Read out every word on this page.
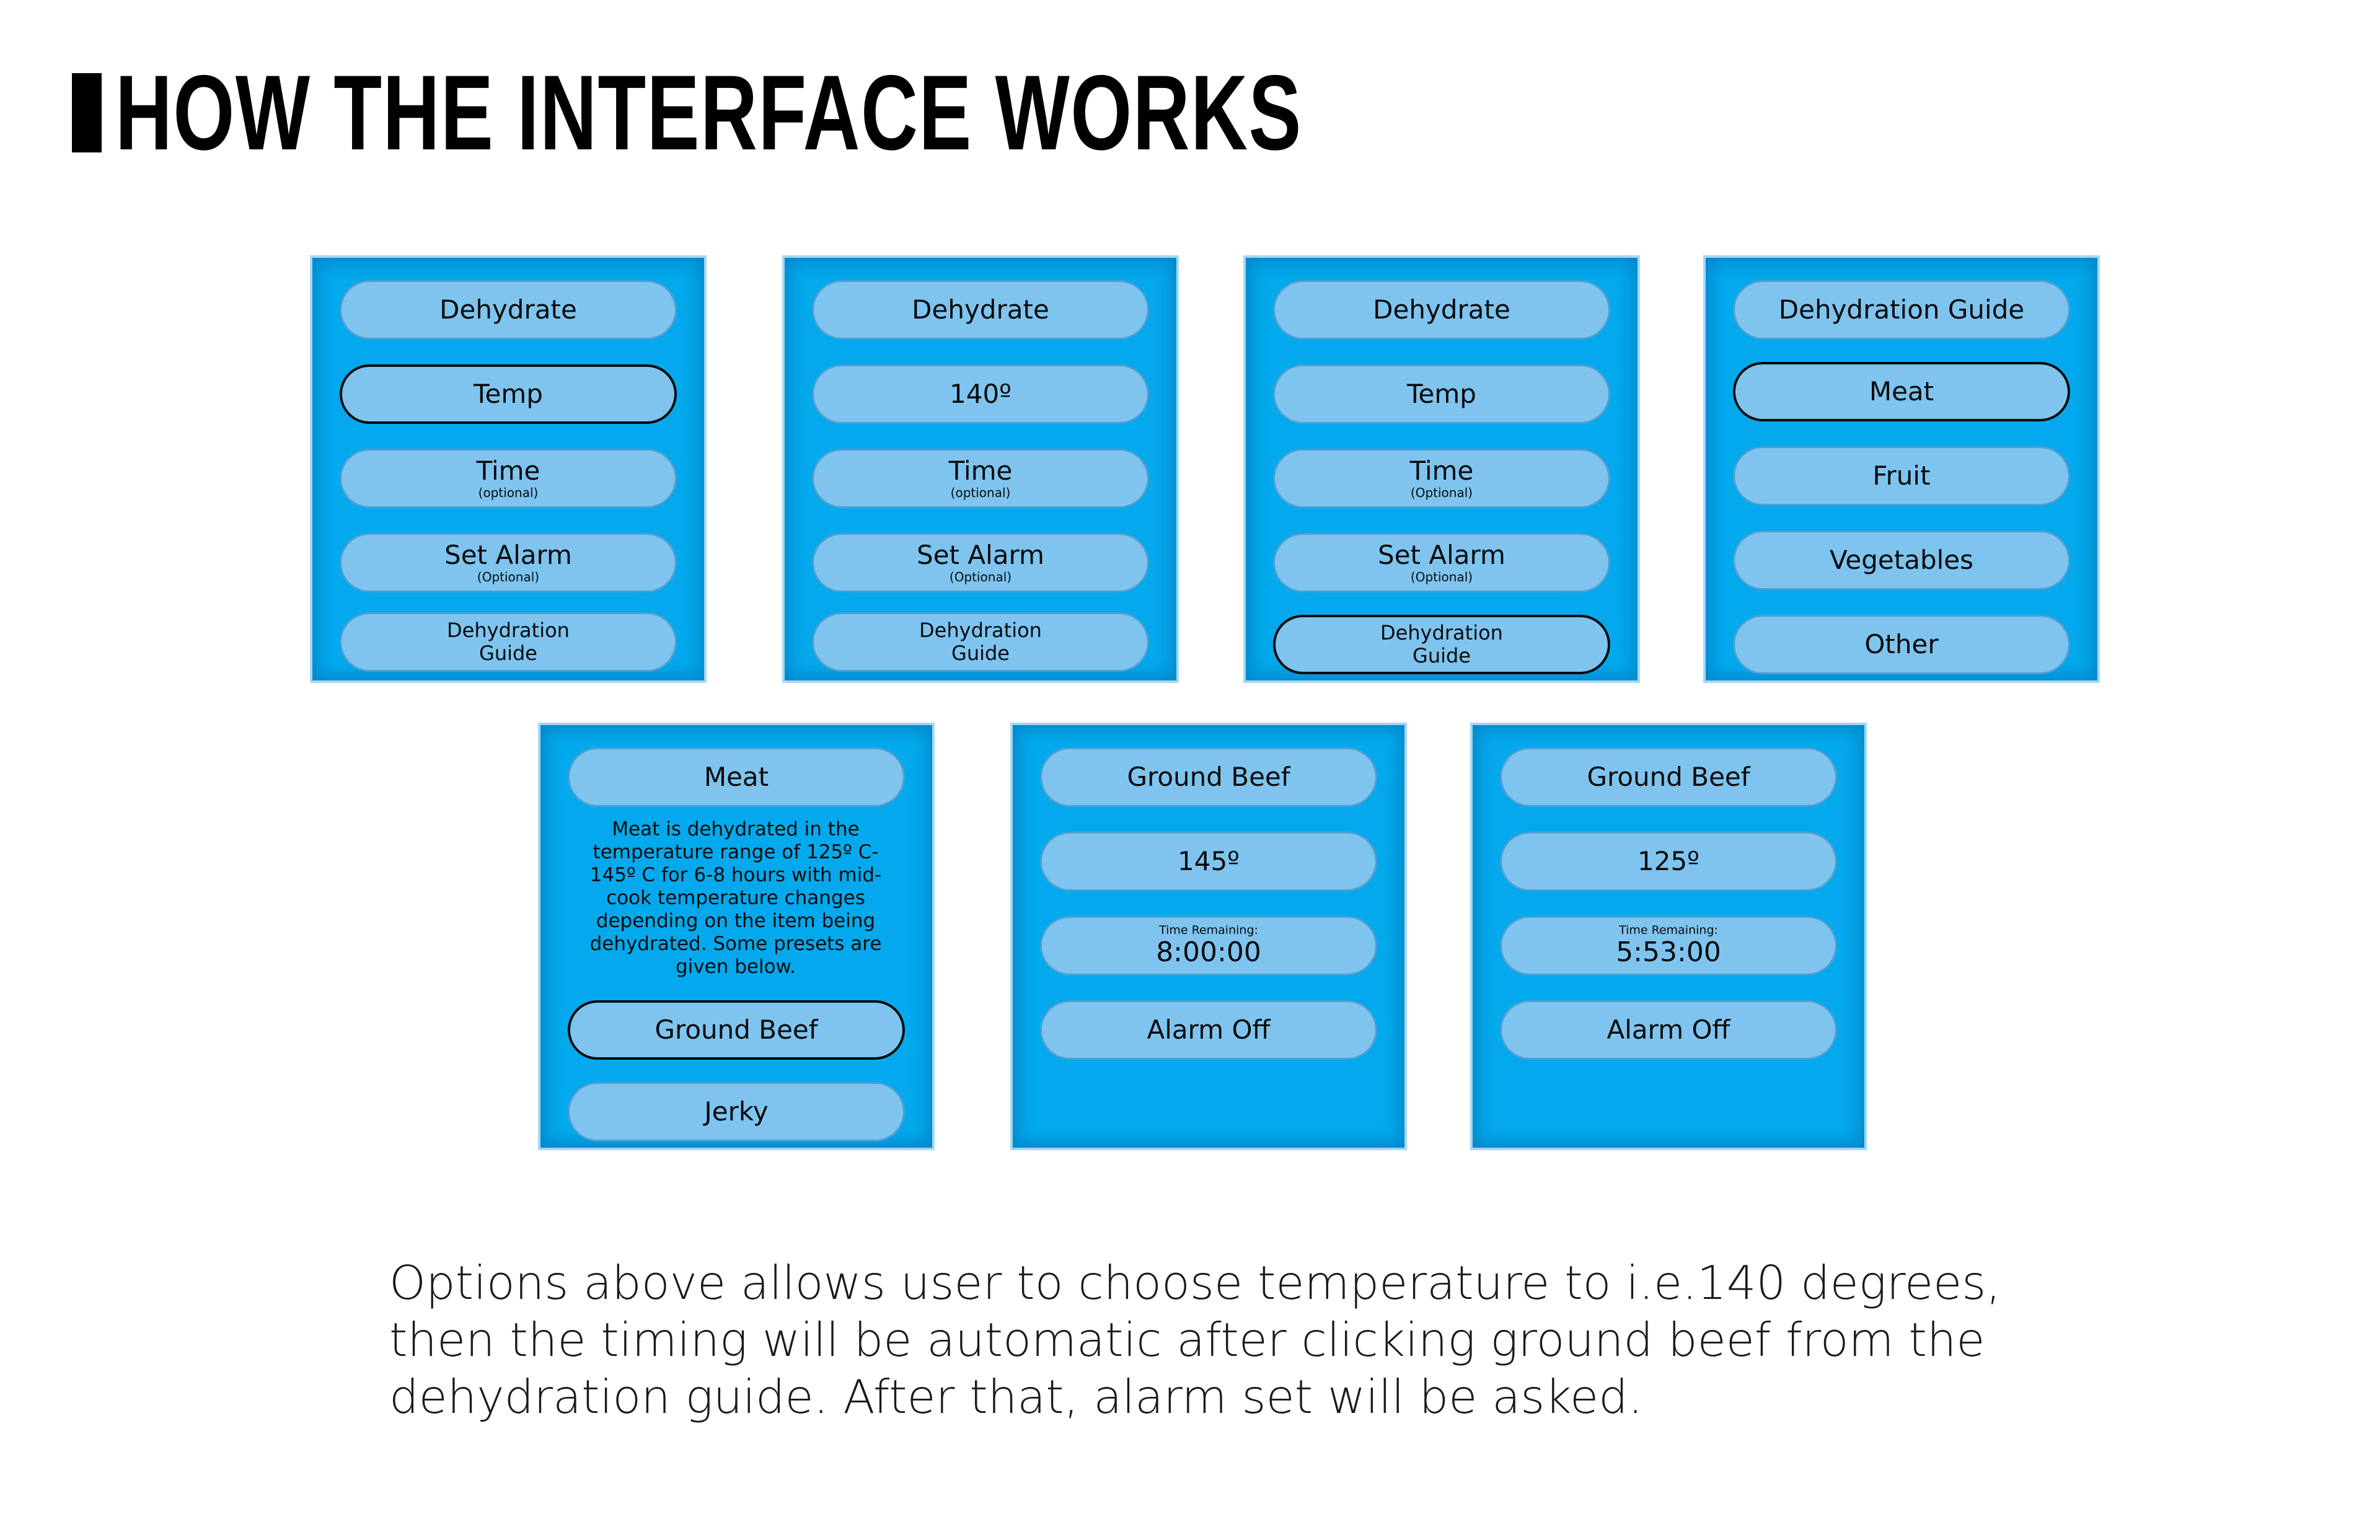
HOW THE INTERFACE WORKS
Dehydrate
Temp
Time
(optional)
Set Alarm
(Optional)
Dehydration
Guide
Dehydrate
140º
Time
(optional)
Set Alarm
(Optional)
Dehydration
Guide
Dehydrate
Temp
Time
(Optional)
Set Alarm
(Optional)
Dehydration
Guide
Dehydration Guide
Meat
Fruit
Vegetables
Other
Meat
Meat is dehydrated in the temperature range of 125º C-145º C for 6-8 hours with mid-cook temperature changes depending on the item being dehydrated. Some presets are given below.
Ground Beef
Jerky
Ground Beef
145º
Time Remaining:
8:00:00
Alarm Off
Ground Beef
125º
Time Remaining:
5:53:00
Alarm Off
Options above allows user to choose temperature to i.e.140 degrees, then the timing will be automatic after clicking ground beef from the dehydration guide. After that, alarm set will be asked.
